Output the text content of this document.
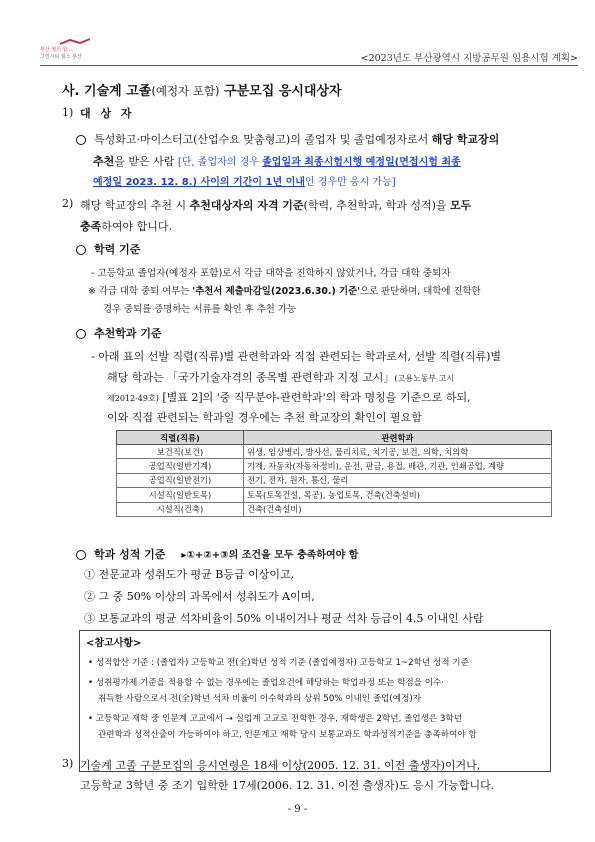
부산 영의 힘 ...
그린시티 힐스 부산	<2023년도 부산광역시 지방공무원 임용시험 계획>
사. 기술계 고졸(예정자 포함) 구분모집 응시대상자
1) 대 상 자
특성화고·마이스터고(산업수요 맞춤형고)의 졸업자 및 졸업예정자로서 해당 학교장의
추천을 받은 사람 [단, 졸업자의 경우 졸업일과 최종시험시행 예정일(면접시험 최종
예정일 2023. 12. 8.) 사이의 기간이 1년 이내인 경우만 응시 가능]
2) 해당 학교장의 추천 시 추천대상자의 자격 기준(학력, 추천학과, 학과 성적)을 모두
충족하여야 합니다.
학력 기준
- 고등학교 졸업자(예정자 포함)로서 각급 대학을 진학하지 않았거나, 각급 대학 중퇴자
※ 각급 대학 중퇴 여부는 '추천서 제출마감일(2023.6.30.) 기준'으로 판단하며, 대학에 진학한
경우 중퇴를 증명하는 서류를 확인 후 추천 가능
추천학과 기준
- 아래 표의 선발 직렬(직류)별 관련학과와 직접 관련되는 학과로서, 선발 직렬(직류)별
해당 학과는 「국가기술자격의 종목별 관련학과 지정 고시」(고용노동부 고시
제2012-49호) [별표 2]의 '중 직무분야-관련학과'의 학과 명칭을 기준으로 하되,
이와 직접 관련되는 학과일 경우에는 추천 학교장의 확인이 필요함
직렬(직류)	관련학과
보건직(보건)	위생, 임상병리, 방사선, 물리치료, 치기공, 보건, 의학, 치의학
공업직(일반기계)	기계, 자동차(자동차정비), 운전, 판금, 용접, 배관, 기관, 인쇄공업, 계량
공업직(일반전기)	전기, 전자, 원자, 통신, 물리
시설직(일반토목)	토목(토목건설, 목공), 농업토목, 건축(건축설비)
시설직(건축)	건축(건축설비)
학과 성적 기준 ▸①+②+③의 조건을 모두 충족하여야 함
① 전문교과 성취도가 평균 B등급 이상이고,
② 그 중 50% 이상의 과목에서 성취도가 A이며,
③ 보통교과의 평균 석차비율이 50% 이내이거나 평균 석차 등급이 4.5 이내인 사람
<참고사항>
• 성적합산 기준 : (졸업자) 고등학교 전(全)학년 성적 기준 (졸업예정자) 고등학교 1~2학년 성적 기준
• 성취평가제 기준을 적용할 수 없는 경우에는 졸업요건에 해당하는 학업과정 또는 학점을 이수·
취득한 사람으로서 전(全)학년 석차 비율이 이수학과의 상위 50% 이내인 졸업(예정)자
• 고등학교 재학 중 인문계 고교에서 → 실업계 고교로 전학한 경우, 재학생은 2학년, 졸업생은 3학년
관련학과 성적산출이 가능하여야 하고, 인문계고 재학 당시 보통교과도 학과성적기준을 충족하여야 함
3) 기술계 고졸 구분모집의 응시연령은 18세 이상(2005. 12. 31. 이전 출생자)이거나,
고등학교 3학년 중 조기 입학한 17세(2006. 12. 31. 이전 출생자)도 응시 가능합니다.
- 9 -
